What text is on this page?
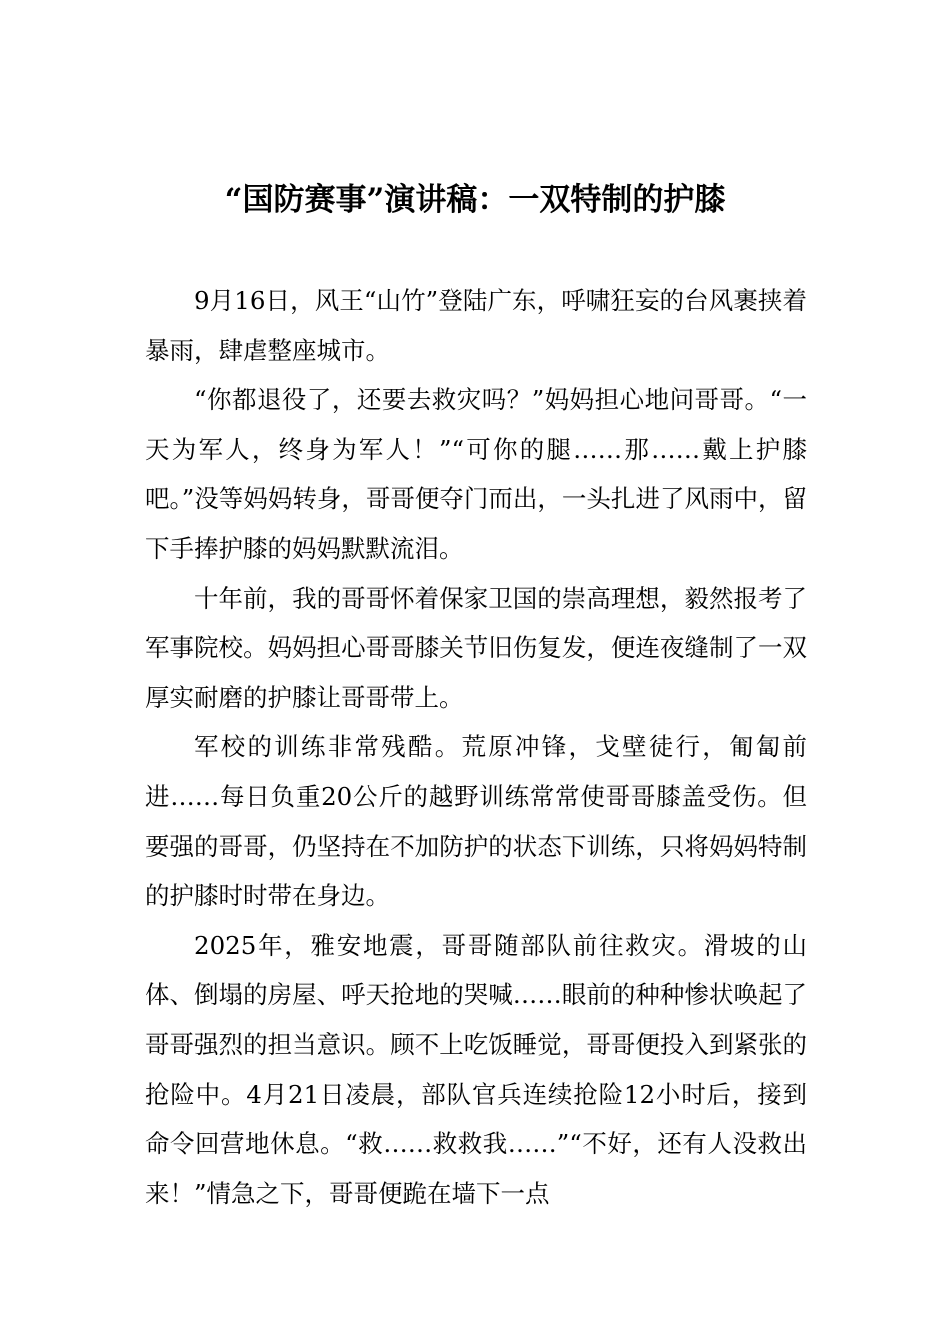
“国防赛事”演讲稿：一双特制的护膝

9月16日，风王“山竹”登陆广东，呼啸狂妄的台风裹挟着暴雨，肆虐整座城市。

“你都退役了，还要去救灾吗？”妈妈担心地问哥哥。“一天为军人，终身为军人！”“可你的腿……那……戴上护膝吧。”没等妈妈转身，哥哥便夺门而出，一头扎进了风雨中，留下手捧护膝的妈妈默默流泪。

十年前，我的哥哥怀着保家卫国的崇高理想，毅然报考了军事院校。妈妈担心哥哥膝关节旧伤复发，便连夜缝制了一双厚实耐磨的护膝让哥哥带上。

军校的训练非常残酷。荒原冲锋，戈壁徒行，匍匐前进……每日负重20公斤的越野训练常常使哥哥膝盖受伤。但要强的哥哥，仍坚持在不加防护的状态下训练，只将妈妈特制的护膝时时带在身边。

2025年，雅安地震，哥哥随部队前往救灾。滑坡的山体、倒塌的房屋、呼天抢地的哭喊……眼前的种种惨状唤起了哥哥强烈的担当意识。顾不上吃饭睡觉，哥哥便投入到紧张的抢险中。4月21日凌晨，部队官兵连续抢险12小时后，接到命令回营地休息。“救……救救我……”“不好，还有人没救出来！”情急之下，哥哥便跪在墙下一点
